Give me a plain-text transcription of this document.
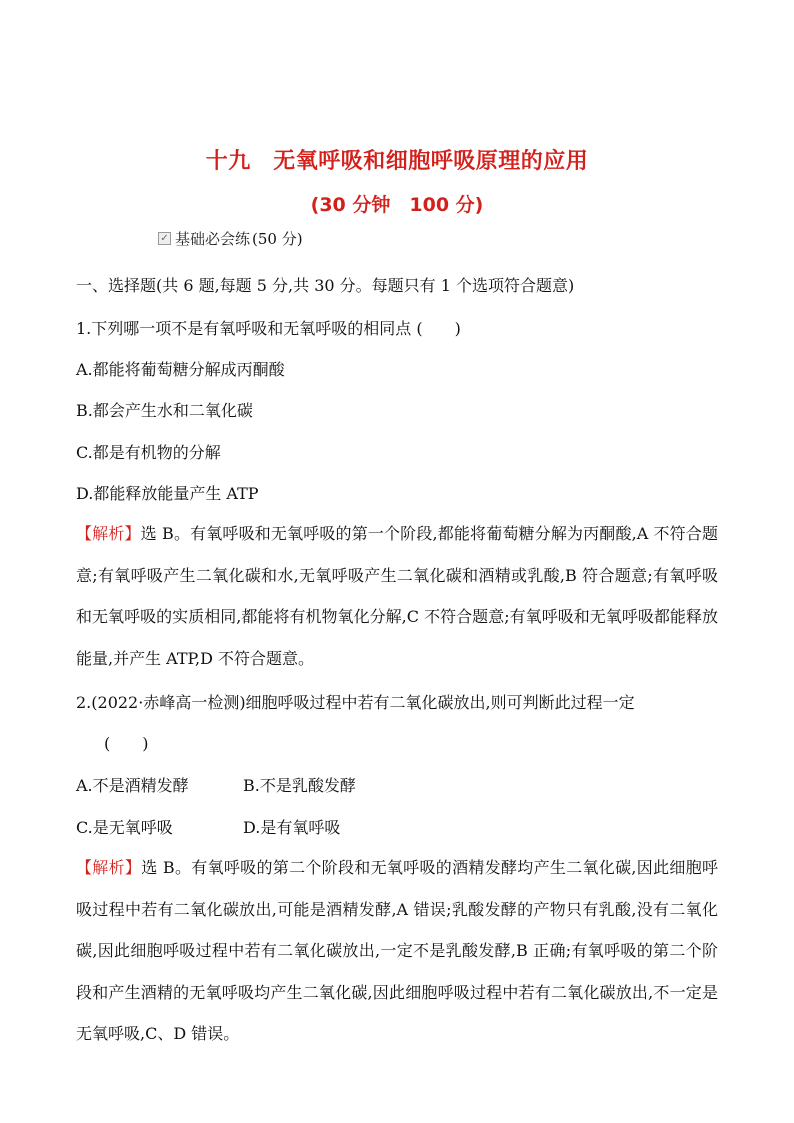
十九　无氧呼吸和细胞呼吸原理的应用
(30 分钟　100 分)
✓ 基础必会练 (50 分)
一、选择题(共 6 题,每题 5 分,共 30 分。每题只有 1 个选项符合题意)
1.下列哪一项不是有氧呼吸和无氧呼吸的相同点 (　　)
A.都能将葡萄糖分解成丙酮酸
B.都会产生水和二氧化碳
C.都是有机物的分解
D.都能释放能量产生 ATP
【解析】选 B。有氧呼吸和无氧呼吸的第一个阶段,都能将葡萄糖分解为丙酮酸,A 不符合题意;有氧呼吸产生二氧化碳和水,无氧呼吸产生二氧化碳和酒精或乳酸,B 符合题意;有氧呼吸和无氧呼吸的实质相同,都能将有机物氧化分解,C 不符合题意;有氧呼吸和无氧呼吸都能释放能量,并产生 ATP,D 不符合题意。
2.(2022·赤峰高一检测)细胞呼吸过程中若有二氧化碳放出,则可判断此过程一定
(　　)
A.不是酒精发酵	B.不是乳酸发酵
C.是无氧呼吸	D.是有氧呼吸
【解析】选 B。有氧呼吸的第二个阶段和无氧呼吸的酒精发酵均产生二氧化碳,因此细胞呼吸过程中若有二氧化碳放出,可能是酒精发酵,A 错误;乳酸发酵的产物只有乳酸,没有二氧化碳,因此细胞呼吸过程中若有二氧化碳放出,一定不是乳酸发酵,B 正确;有氧呼吸的第二个阶段和产生酒精的无氧呼吸均产生二氧化碳,因此细胞呼吸过程中若有二氧化碳放出,不一定是无氧呼吸,C、D 错误。
